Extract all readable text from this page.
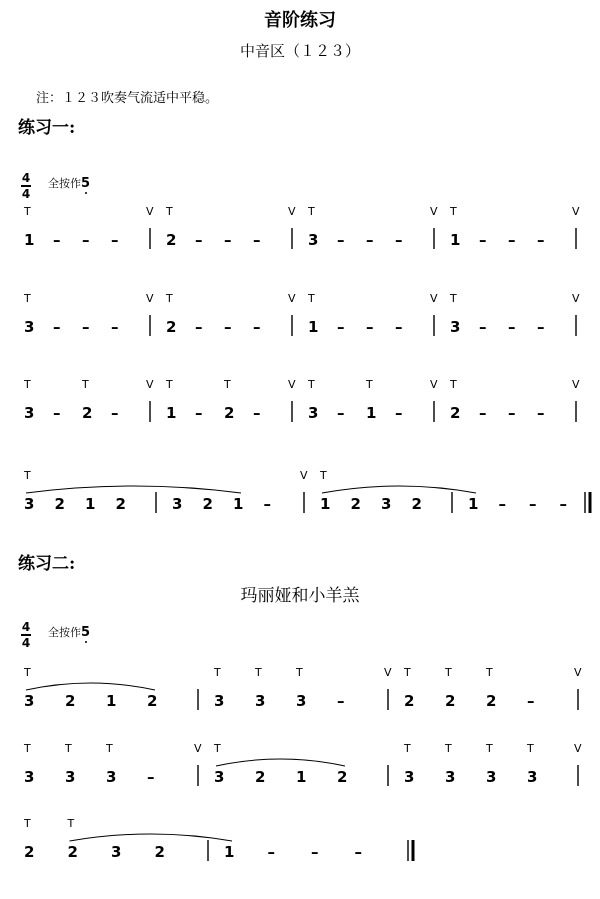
音阶练习
中音区（１２３）
注：１２３吹奏气流适中平稳。
练习一:
4
4
全按作5
练习二:
玛丽娅和小羊羔
4
4
全按作5
1 – – –	2 – – –	3 – – –	1 – – –
T	T	T	T
V	V	V	V
3 – – –	2 – – –	1 – – –	3 – – –
T	T	T	T
V	V	V	V
3 – 2 –	1 – 2 –	3 – 1 –	2 – – –
T	T	T	T	T	T	T
V	V	V	V
3 2 1 2	3 2 1 –	1 2 3 2	1 – – –
T	T
V
3 2 1 2	3 3 3 –	2 2 2 –
T	T	T	T	T	T	T
V	V
3 3 3 –	3 2 1 2	3 3 3 3
T	T	T	T	T	T	T	T
V	V
2 2 3 2	1 – – –
T	T
